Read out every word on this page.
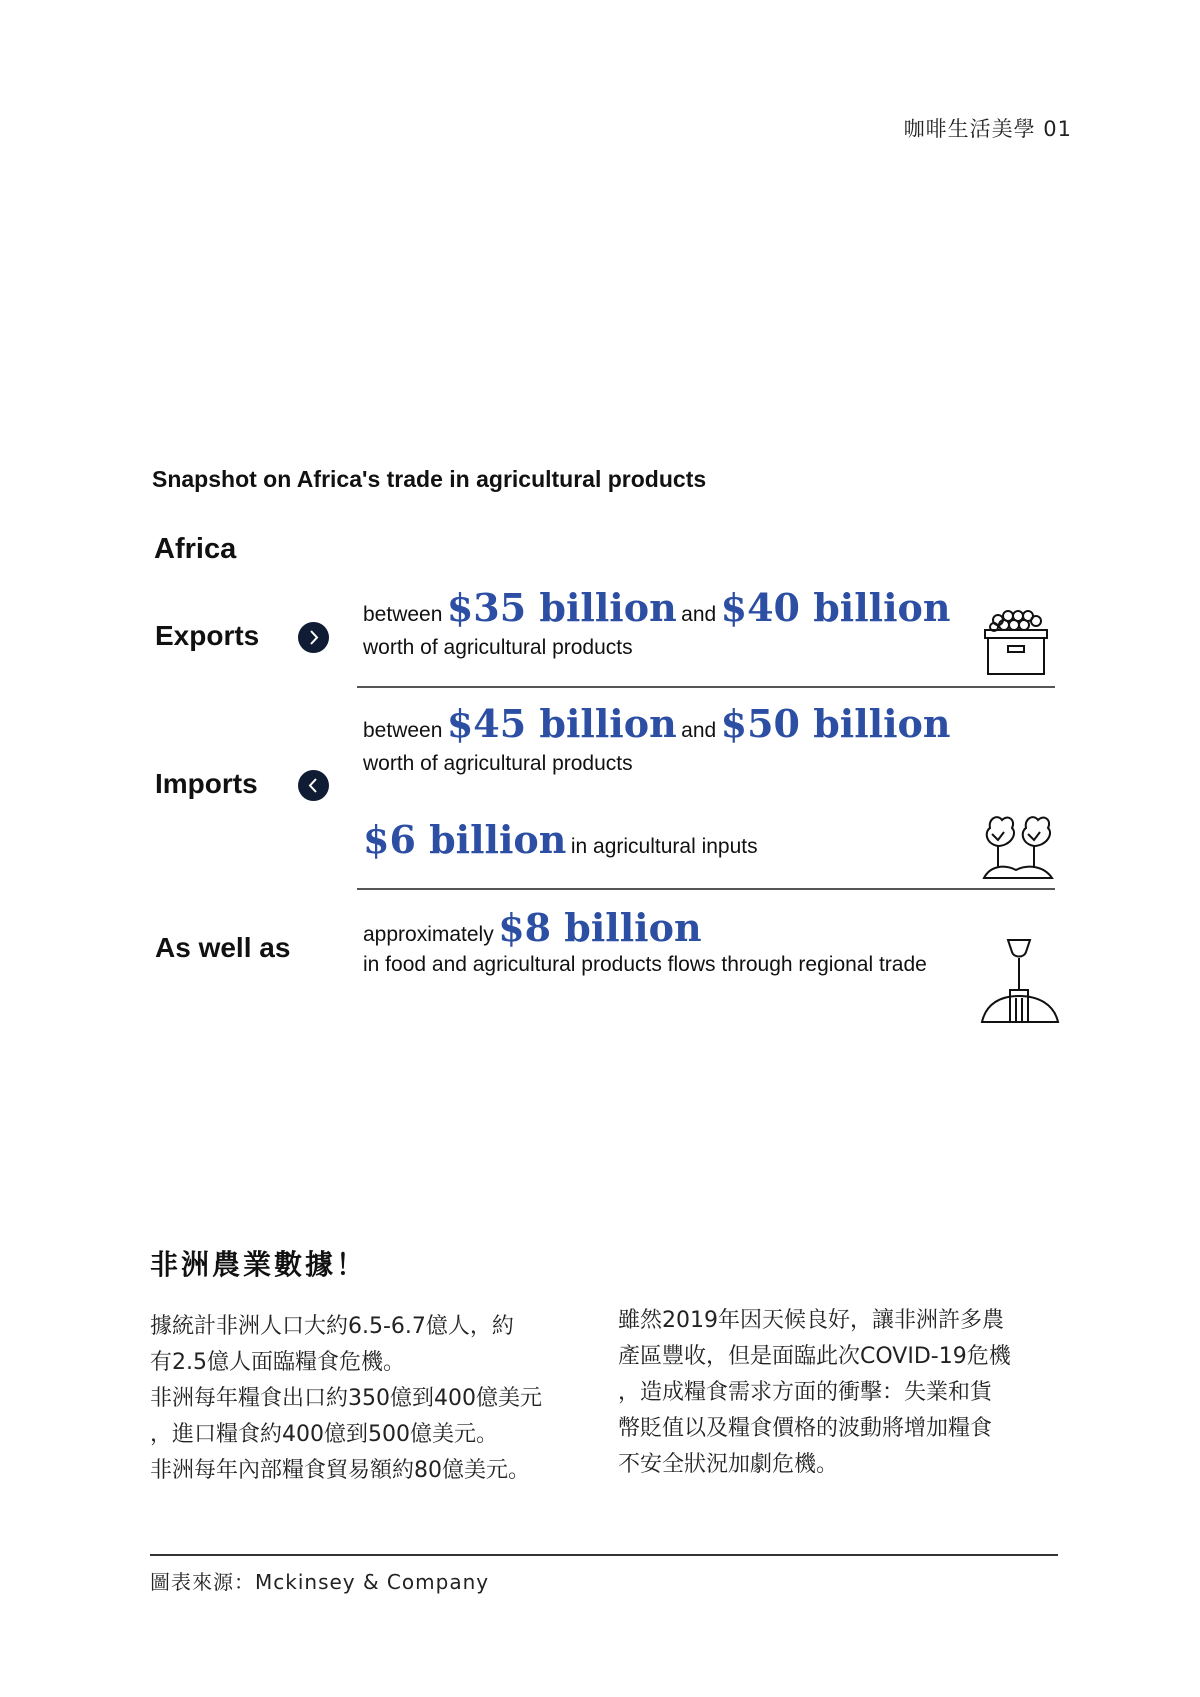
咖啡生活美學 01
Snapshot on Africa's trade in agricultural products
Africa
Exports
between $35 billion and $40 billion
worth of agricultural products
between $45 billion and $50 billion
worth of agricultural products
Imports
$6 billion in agricultural inputs
approximately $8 billion
As well as
in food and agricultural products flows through regional trade
非洲農業數據！

據統計非洲人口大約6.5-6.7億人，約

有2.5億人面臨糧食危機。

非洲每年糧食出口約350億到400億美元

，進口糧食約400億到500億美元。

非洲每年內部糧食貿易額約80億美元。

雖然2019年因天候良好，讓非洲許多農

產區豐收，但是面臨此次COVID-19危機

，造成糧食需求方面的衝擊：失業和貨

幣貶值以及糧食價格的波動將增加糧食

不安全狀況加劇危機。

圖表來源：Mckinsey & Company
